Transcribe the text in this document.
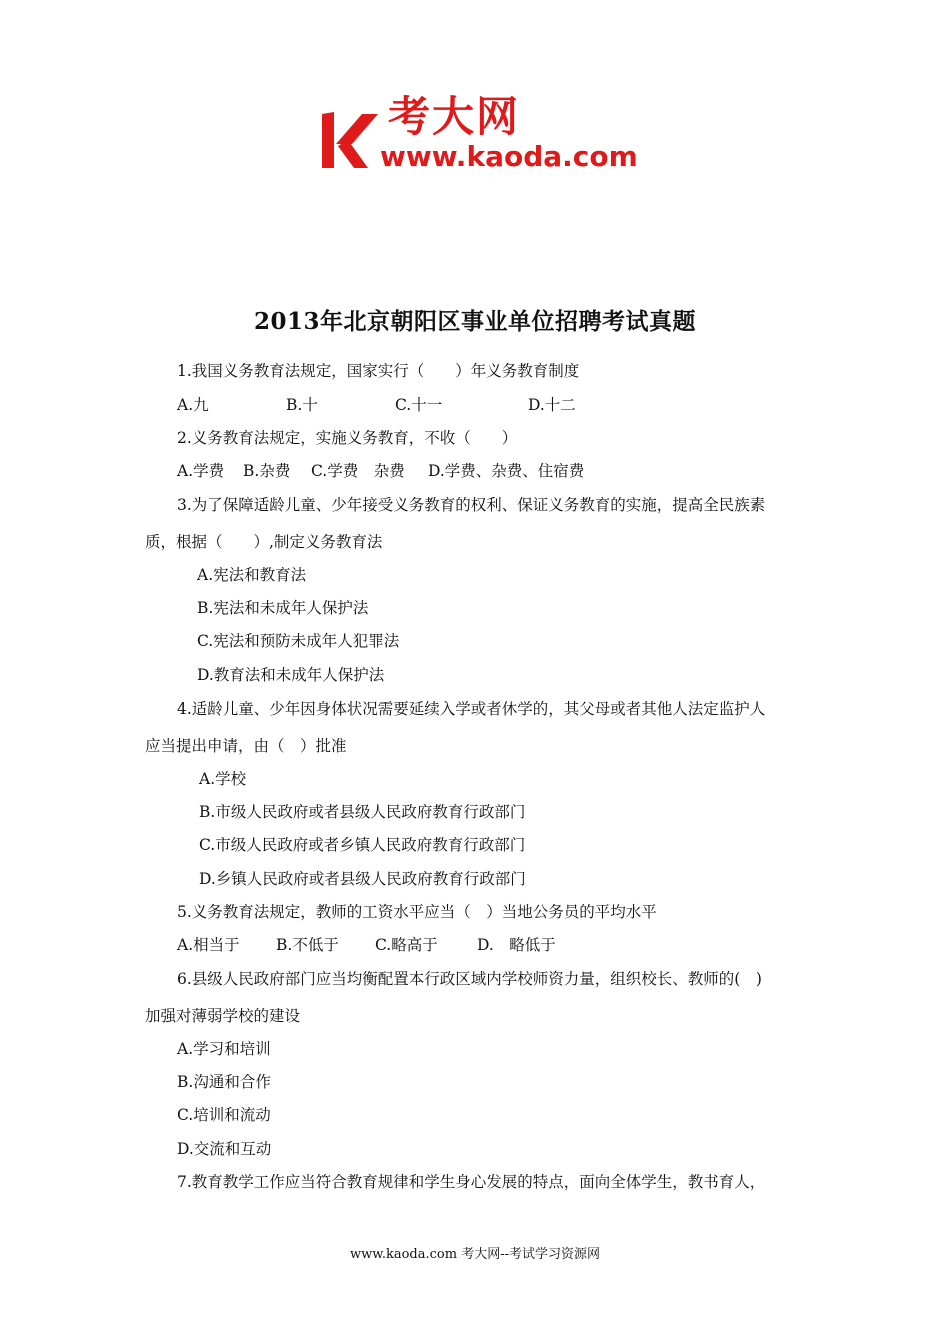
考大网
www.kaoda.com
2013年北京朝阳区事业单位招聘考试真题
1.我国义务教育法规定，国家实行（　　）年义务教育制度
A.九	B.十	C.十一	D.十二
2.义务教育法规定，实施义务教育，不收（　　）
A.学费 B.杂费 C.学费　杂费 D.学费、杂费、住宿费
3.为了保障适龄儿童、少年接受义务教育的权利、保证义务教育的实施，提高全民族素
质，根据（　　）,制定义务教育法
A.宪法和教育法
B.宪法和未成年人保护法
C.宪法和预防未成年人犯罪法
D.教育法和未成年人保护法
4.适龄儿童、少年因身体状况需要延续入学或者休学的，其父母或者其他人法定监护人
应当提出申请，由（　）批准
A.学校
B.市级人民政府或者县级人民政府教育行政部门
C.市级人民政府或者乡镇人民政府教育行政部门
D.乡镇人民政府或者县级人民政府教育行政部门
5.义务教育法规定，教师的工资水平应当（　）当地公务员的平均水平
A.相当于 B.不低于 C.略高于	D.　略低于
6.县级人民政府部门应当均衡配置本行政区域内学校师资力量，组织校长、教师的(　)
加强对薄弱学校的建设
A.学习和培训
B.沟通和合作
C.培训和流动
D.交流和互动
7.教育教学工作应当符合教育规律和学生身心发展的特点，面向全体学生，教书育人，
www.kaoda.com 考大网--考试学习资源网
